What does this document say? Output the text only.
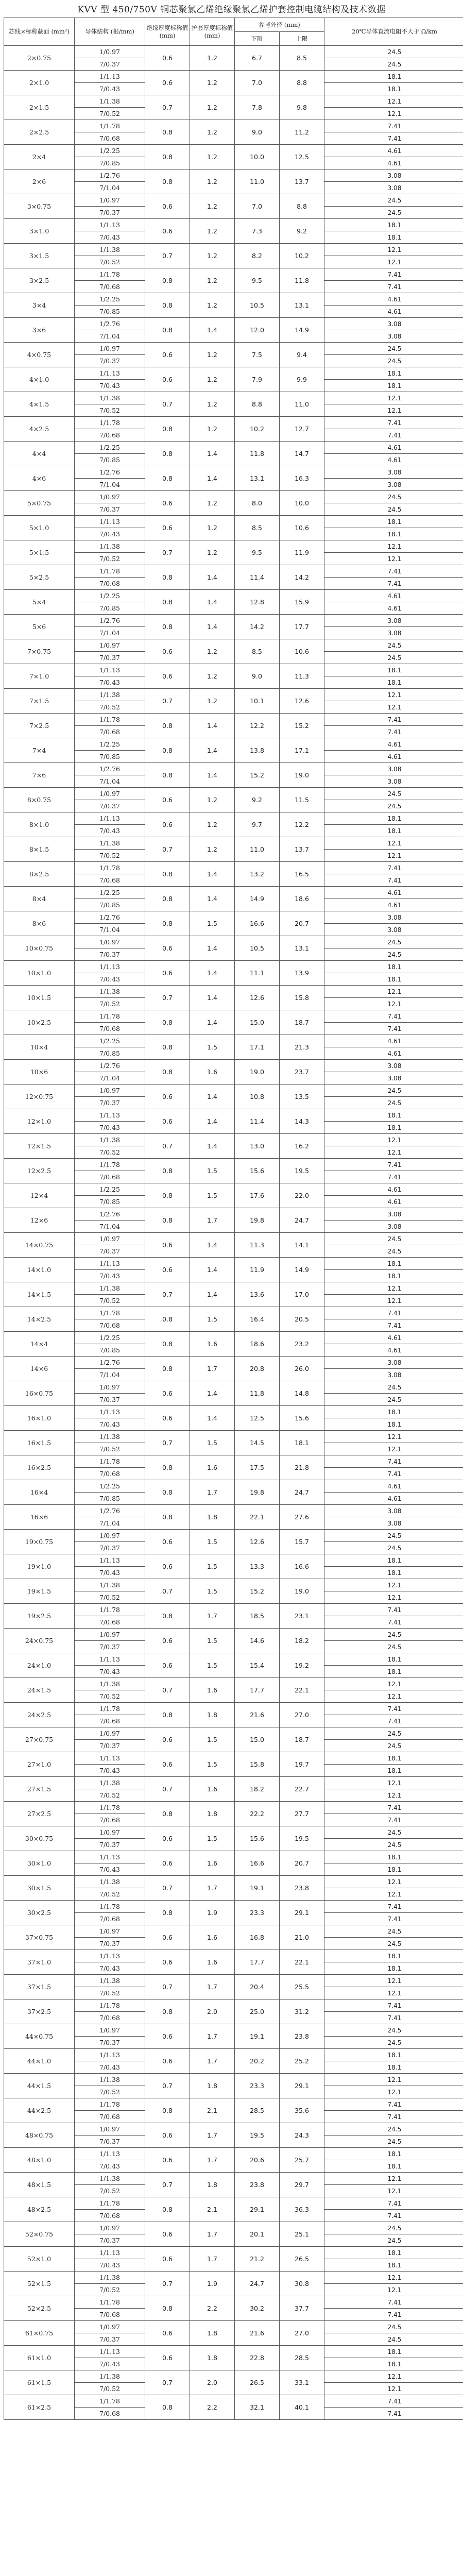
KVV 型 450/750V 铜芯聚氯乙烯绝缘聚氯乙烯护套控制电缆结构及技术数据
芯线×标称截面 (mm²)	导体结构 (根/mm)	绝缘厚度标称值 (mm)	护套厚度标称值 (mm)	参考外径 (mm)		20℃导体直流电阻不大于 Ω/km
				下限	上限	
2×0.75	1/0.97	0.6	1.2	6.7	8.5	24.5
	7/0.37					24.5
2×1.0	1/1.13	0.6	1.2	7.0	8.8	18.1
	7/0.43					18.1
2×1.5	1/1.38	0.7	1.2	7.8	9.8	12.1
	7/0.52					12.1
2×2.5	1/1.78	0.8	1.2	9.0	11.2	7.41
	7/0.68					7.41
2×4	1/2.25	0.8	1.2	10.0	12.5	4.61
	7/0.85					4.61
2×6	1/2.76	0.8	1.2	11.0	13.7	3.08
	7/1.04					3.08
3×0.75	1/0.97	0.6	1.2	7.0	8.8	24.5
	7/0.37					24.5
3×1.0	1/1.13	0.6	1.2	7.3	9.2	18.1
	7/0.43					18.1
3×1.5	1/1.38	0.7	1.2	8.2	10.2	12.1
	7/0.52					12.1
3×2.5	1/1.78	0.8	1.2	9.5	11.8	7.41
	7/0.68					7.41
3×4	1/2.25	0.8	1.2	10.5	13.1	4.61
	7/0.85					4.61
3×6	1/2.76	0.8	1.4	12.0	14.9	3.08
	7/1.04					3.08
4×0.75	1/0.97	0.6	1.2	7.5	9.4	24.5
	7/0.37					24.5
4×1.0	1/1.13	0.6	1.2	7.9	9.9	18.1
	7/0.43					18.1
4×1.5	1/1.38	0.7	1.2	8.8	11.0	12.1
	7/0.52					12.1
4×2.5	1/1.78	0.8	1.2	10.2	12.7	7.41
	7/0.68					7.41
4×4	1/2.25	0.8	1.4	11.8	14.7	4.61
	7/0.85					4.61
4×6	1/2.76	0.8	1.4	13.1	16.3	3.08
	7/1.04					3.08
5×0.75	1/0.97	0.6	1.2	8.0	10.0	24.5
	7/0.37					24.5
5×1.0	1/1.13	0.6	1.2	8.5	10.6	18.1
	7/0.43					18.1
5×1.5	1/1.38	0.7	1.2	9.5	11.9	12.1
	7/0.52					12.1
5×2.5	1/1.78	0.8	1.4	11.4	14.2	7.41
	7/0.68					7.41
5×4	1/2.25	0.8	1.4	12.8	15.9	4.61
	7/0.85					4.61
5×6	1/2.76	0.8	1.4	14.2	17.7	3.08
	7/1.04					3.08
7×0.75	1/0.97	0.6	1.2	8.5	10.6	24.5
	7/0.37					24.5
7×1.0	1/1.13	0.6	1.2	9.0	11.3	18.1
	7/0.43					18.1
7×1.5	1/1.38	0.7	1.2	10.1	12.6	12.1
	7/0.52					12.1
7×2.5	1/1.78	0.8	1.4	12.2	15.2	7.41
	7/0.68					7.41
7×4	1/2.25	0.8	1.4	13.8	17.1	4.61
	7/0.85					4.61
7×6	1/2.76	0.8	1.4	15.2	19.0	3.08
	7/1.04					3.08
8×0.75	1/0.97	0.6	1.2	9.2	11.5	24.5
	7/0.37					24.5
8×1.0	1/1.13	0.6	1.2	9.7	12.2	18.1
	7/0.43					18.1
8×1.5	1/1.38	0.7	1.2	11.0	13.7	12.1
	7/0.52					12.1
8×2.5	1/1.78	0.8	1.4	13.2	16.5	7.41
	7/0.68					7.41
8×4	1/2.25	0.8	1.4	14.9	18.6	4.61
	7/0.85					4.61
8×6	1/2.76	0.8	1.5	16.6	20.7	3.08
	7/1.04					3.08
10×0.75	1/0.97	0.6	1.4	10.5	13.1	24.5
	7/0.37					24.5
10×1.0	1/1.13	0.6	1.4	11.1	13.9	18.1
	7/0.43					18.1
10×1.5	1/1.38	0.7	1.4	12.6	15.8	12.1
	7/0.52					12.1
10×2.5	1/1.78	0.8	1.4	15.0	18.7	7.41
	7/0.68					7.41
10×4	1/2.25	0.8	1.5	17.1	21.3	4.61
	7/0.85					4.61
10×6	1/2.76	0.8	1.6	19.0	23.7	3.08
	7/1.04					3.08
12×0.75	1/0.97	0.6	1.4	10.8	13.5	24.5
	7/0.37					24.5
12×1.0	1/1.13	0.6	1.4	11.4	14.3	18.1
	7/0.43					18.1
12×1.5	1/1.38	0.7	1.4	13.0	16.2	12.1
	7/0.52					12.1
12×2.5	1/1.78	0.8	1.5	15.6	19.5	7.41
	7/0.68					7.41
12×4	1/2.25	0.8	1.5	17.6	22.0	4.61
	7/0.85					4.61
12×6	1/2.76	0.8	1.7	19.8	24.7	3.08
	7/1.04					3.08
14×0.75	1/0.97	0.6	1.4	11.3	14.1	24.5
	7/0.37					24.5
14×1.0	1/1.13	0.6	1.4	11.9	14.9	18.1
	7/0.43					18.1
14×1.5	1/1.38	0.7	1.4	13.6	17.0	12.1
	7/0.52					12.1
14×2.5	1/1.78	0.8	1.5	16.4	20.5	7.41
	7/0.68					7.41
14×4	1/2.25	0.8	1.6	18.6	23.2	4.61
	7/0.85					4.61
14×6	1/2.76	0.8	1.7	20.8	26.0	3.08
	7/1.04					3.08
16×0.75	1/0.97	0.6	1.4	11.8	14.8	24.5
	7/0.37					24.5
16×1.0	1/1.13	0.6	1.4	12.5	15.6	18.1
	7/0.43					18.1
16×1.5	1/1.38	0.7	1.5	14.5	18.1	12.1
	7/0.52					12.1
16×2.5	1/1.78	0.8	1.6	17.5	21.8	7.41
	7/0.68					7.41
16×4	1/2.25	0.8	1.7	19.8	24.7	4.61
	7/0.85					4.61
16×6	1/2.76	0.8	1.8	22.1	27.6	3.08
	7/1.04					3.08
19×0.75	1/0.97	0.6	1.5	12.6	15.7	24.5
	7/0.37					24.5
19×1.0	1/1.13	0.6	1.5	13.3	16.6	18.1
	7/0.43					18.1
19×1.5	1/1.38	0.7	1.5	15.2	19.0	12.1
	7/0.52					12.1
19×2.5	1/1.78	0.8	1.7	18.5	23.1	7.41
	7/0.68					7.41
24×0.75	1/0.97	0.6	1.5	14.6	18.2	24.5
	7/0.37					24.5
24×1.0	1/1.13	0.6	1.5	15.4	19.2	18.1
	7/0.43					18.1
24×1.5	1/1.38	0.7	1.6	17.7	22.1	12.1
	7/0.52					12.1
24×2.5	1/1.78	0.8	1.8	21.6	27.0	7.41
	7/0.68					7.41
27×0.75	1/0.97	0.6	1.5	15.0	18.7	24.5
	7/0.37					24.5
27×1.0	1/1.13	0.6	1.5	15.8	19.7	18.1
	7/0.43					18.1
27×1.5	1/1.38	0.7	1.6	18.2	22.7	12.1
	7/0.52					12.1
27×2.5	1/1.78	0.8	1.8	22.2	27.7	7.41
	7/0.68					7.41
30×0.75	1/0.97	0.6	1.5	15.6	19.5	24.5
	7/0.37					24.5
30×1.0	1/1.13	0.6	1.6	16.6	20.7	18.1
	7/0.43					18.1
30×1.5	1/1.38	0.7	1.7	19.1	23.8	12.1
	7/0.52					12.1
30×2.5	1/1.78	0.8	1.9	23.3	29.1	7.41
	7/0.68					7.41
37×0.75	1/0.97	0.6	1.6	16.8	21.0	24.5
	7/0.37					24.5
37×1.0	1/1.13	0.6	1.6	17.7	22.1	18.1
	7/0.43					18.1
37×1.5	1/1.38	0.7	1.7	20.4	25.5	12.1
	7/0.52					12.1
37×2.5	1/1.78	0.8	2.0	25.0	31.2	7.41
	7/0.68					7.41
44×0.75	1/0.97	0.6	1.7	19.1	23.8	24.5
	7/0.37					24.5
44×1.0	1/1.13	0.6	1.7	20.2	25.2	18.1
	7/0.43					18.1
44×1.5	1/1.38	0.7	1.8	23.3	29.1	12.1
	7/0.52					12.1
44×2.5	1/1.78	0.8	2.1	28.5	35.6	7.41
	7/0.68					7.41
48×0.75	1/0.97	0.6	1.7	19.5	24.3	24.5
	7/0.37					24.5
48×1.0	1/1.13	0.6	1.7	20.6	25.7	18.1
	7/0.43					18.1
48×1.5	1/1.38	0.7	1.8	23.8	29.7	12.1
	7/0.52					12.1
48×2.5	1/1.78	0.8	2.1	29.1	36.3	7.41
	7/0.68					7.41
52×0.75	1/0.97	0.6	1.7	20.1	25.1	24.5
	7/0.37					24.5
52×1.0	1/1.13	0.6	1.7	21.2	26.5	18.1
	7/0.43					18.1
52×1.5	1/1.38	0.7	1.9	24.7	30.8	12.1
	7/0.52					12.1
52×2.5	1/1.78	0.8	2.2	30.2	37.7	7.41
	7/0.68					7.41
61×0.75	1/0.97	0.6	1.8	21.6	27.0	24.5
	7/0.37					24.5
61×1.0	1/1.13	0.6	1.8	22.8	28.5	18.1
	7/0.43					18.1
61×1.5	1/1.38	0.7	2.0	26.5	33.1	12.1
	7/0.52					12.1
61×2.5	1/1.78	0.8	2.2	32.1	40.1	7.41
	7/0.68					7.41
